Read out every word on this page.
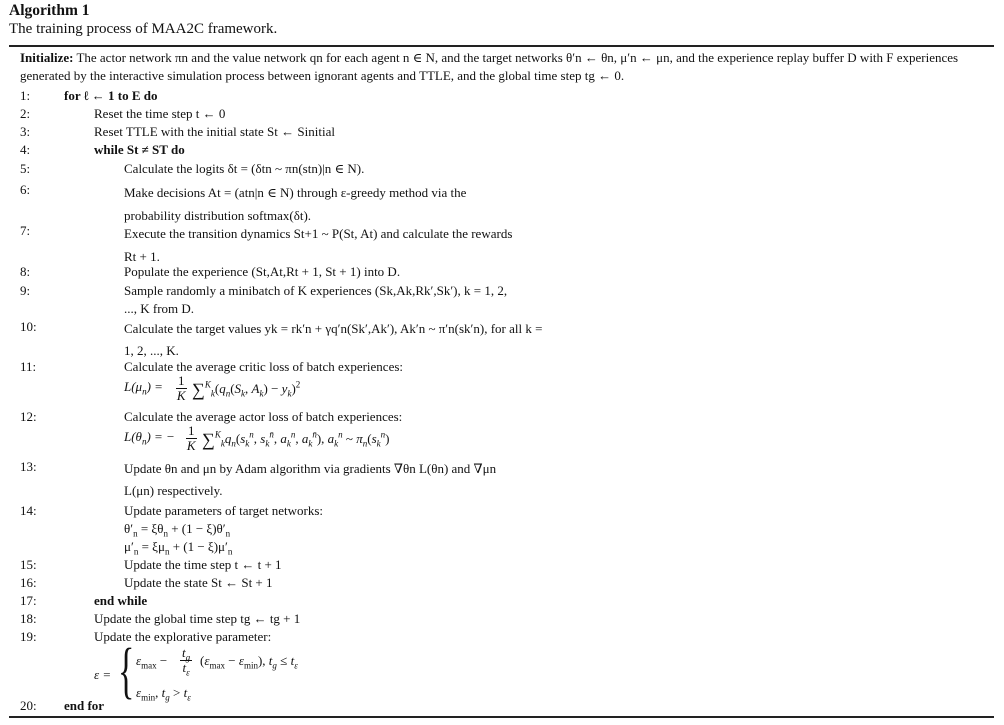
Algorithm 1
The training process of MAA2C framework.
Initialize: The actor network πn and the value network qn for each agent n ∈ N, and the target networks θ′n ← θn, μ′n ← μn, and the experience replay buffer D with F experiences generated by the interactive simulation process between ignorant agents and TTLE, and the global time step tg ← 0.
1:	for ℓ ← 1 to E do
2:	Reset the time step t ← 0
3:	Reset TTLE with the initial state St ← Sinitial
4:	while St ≠ ST do
5:	Calculate the logits δt = (δtn ~ πn(stn)|n ∈ N).
6:	Make decisions At = (atn|n ∈ N) through ε-greedy method via the probability distribution softmax(δt).
7:	Execute the transition dynamics St+1 ~ P(St, At) and calculate the rewards Rt + 1.
8:	Populate the experience (St,At,Rt + 1, St + 1) into D.
9:	Sample randomly a minibatch of K experiences (Sk,Ak,Rk′,Sk′), k = 1, 2, ..., K from D.
10:	Calculate the target values yk = rk′n + γq′n(Sk′,Ak′), Ak′n ~ π′n(sk′n), for all k = 1, 2, ..., K.
11:	Calculate the average critic loss of batch experiences:
$L(\mu_n) = \frac{1}{K} \sum^K_k(q_n(S_k$, $A_k) - y_k)^2$
12:	Calculate the average actor loss of batch experiences:
$L(\theta_n)$ = − $\frac{1}{K} \sum^K_kq_n(s_k^n$, $s_k^{n̄}$, $a_k^n$, $a_k^{n̄}$), $a_k^n$ ~ $\pi_n(s_k^n)$
13:	Update θn and μn by Adam algorithm via gradients ∇θn L(θn) and ∇μn L(μn) respectively.
14:	Update parameters of target networks:
$\theta'_n = \xi\theta_n + (1 - \xi)\theta'_n$
$\mu'_n = \xi\mu_n + (1 - \xi)\mu'_n$
15:	Update the time step t ← t + 1
16:	Update the state St ← St + 1
17:	end while
18:	Update the global time step tg ← tg + 1
19:	Update the explorative parameter:
ε = { $\varepsilon_{max} - \frac{t_g}{t_\varepsilon} (\varepsilon_{max} - \varepsilon_{min})$, $t_g \le t_\varepsilon$
$\varepsilon_{min}$, $t_g > t_\varepsilon$
20: end for
